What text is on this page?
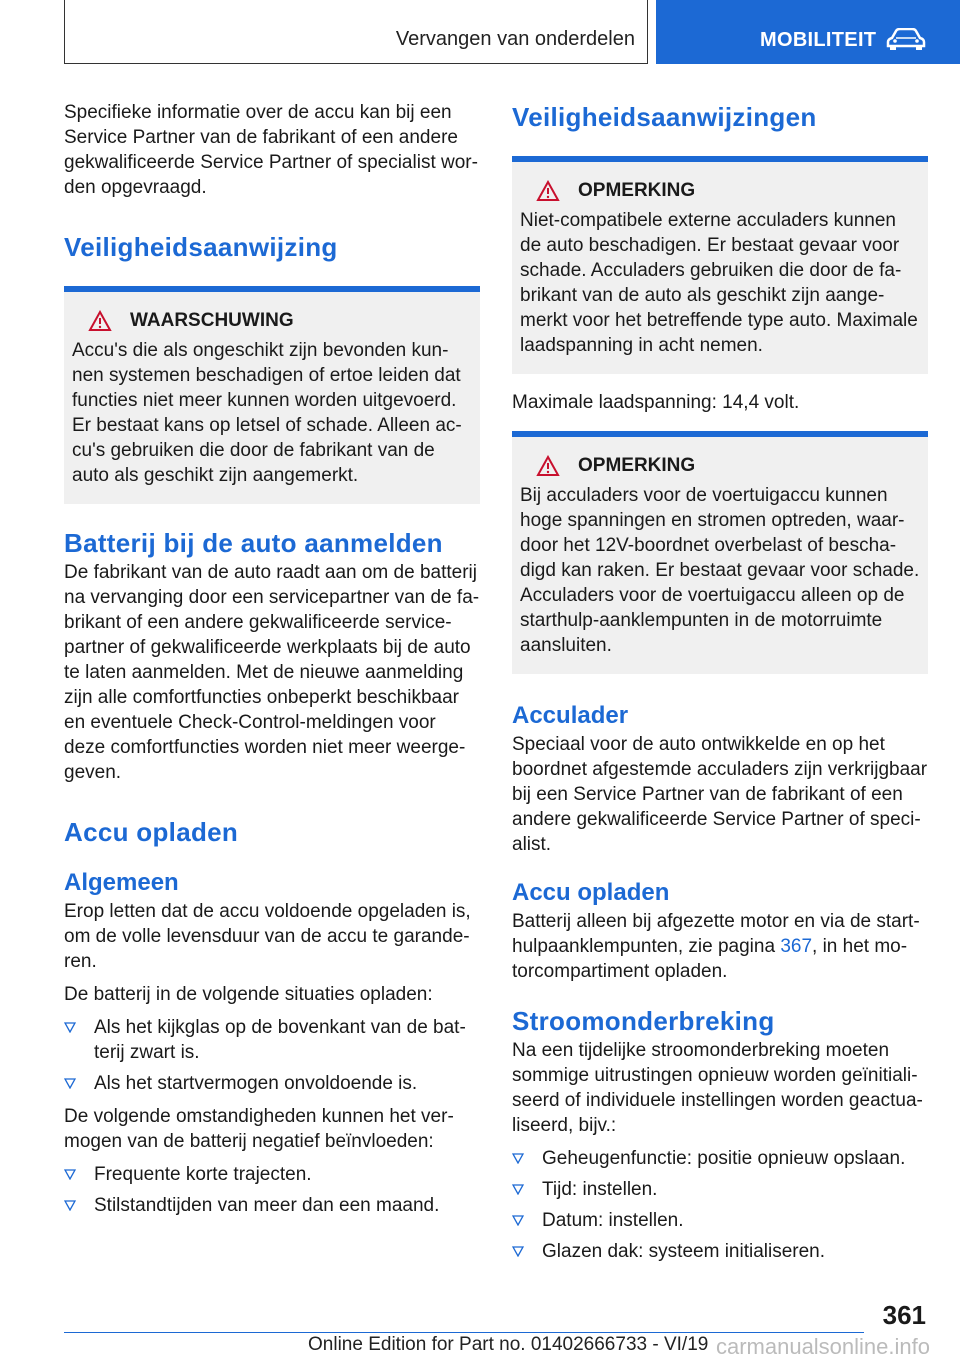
Vervangen van onderdelen	MOBILITEIT

Specifieke informatie over de accu kan bij een Service Partner van de fabrikant of een andere gekwalificeerde Service Partner of specialist wor-den opgevraagd.

Veiligheidsaanwijzing
WAARSCHUWING

Accu's die als ongeschikt zijn bevonden kun-nen systemen beschadigen of ertoe leiden dat functies niet meer kunnen worden uitgevoerd. Er bestaat kans op letsel of schade. Alleen ac-cu's gebruiken die door de fabrikant van de auto als geschikt zijn aangemerkt.

Batterij bij de auto aanmelden

De fabrikant van de auto raadt aan om de batterij na vervanging door een servicepartner van de fa-brikant of een andere gekwalificeerde service-partner of gekwalificeerde werkplaats bij de auto te laten aanmelden. Met de nieuwe aanmelding zijn alle comfortfuncties onbeperkt beschikbaar en eventuele Check-Control-meldingen voor deze comfortfuncties worden niet meer weerge-geven.

Accu opladen
Algemeen

Erop letten dat de accu voldoende opgeladen is, om de volle levensduur van de accu te garande-ren.

De batterij in de volgende situaties opladen:

Als het kijkglas op de bovenkant van de bat-terij zwart is.
Als het startvermogen onvoldoende is.

De volgende omstandigheden kunnen het ver-mogen van de batterij negatief beïnvloeden:

Frequente korte trajecten.
Stilstandtijden van meer dan een maand.
Veiligheidsaanwijzingen
OPMERKING

Niet-compatibele externe acculaders kunnen de auto beschadigen. Er bestaat gevaar voor schade. Acculaders gebruiken die door de fa-brikant van de auto als geschikt zijn aange-merkt voor het betreffende type auto. Maximale laadspanning in acht nemen.

Maximale laadspanning: 14,4 volt.

OPMERKING

Bij acculaders voor de voertuigaccu kunnen hoge spanningen en stromen optreden, waar-door het 12V-boordnet overbelast of bescha-digd kan raken. Er bestaat gevaar voor schade. Acculaders voor de voertuigaccu alleen op de starthulp-aanklempunten in de motorruimte aansluiten.

Acculader

Speciaal voor de auto ontwikkelde en op het boordnet afgestemde acculaders zijn verkrijgbaar bij een Service Partner van de fabrikant of een andere gekwalificeerde Service Partner of speci-alist.

Accu opladen

Batterij alleen bij afgezette motor en via de start-hulpaanklempunten, zie pagina 367, in het mo-torcompartiment opladen.

Stroomonderbreking

Na een tijdelijke stroomonderbreking moeten sommige uitrustingen opnieuw worden geïnitiali-seerd of individuele instellingen worden geactua-liseerd, bijv.:

Geheugenfunctie: positie opnieuw opslaan.
Tijd: instellen.
Datum: instellen.
Glazen dak: systeem initialiseren.
361
Online Edition for Part no. 01402666733 - VI/19 carmanualsonline.info
